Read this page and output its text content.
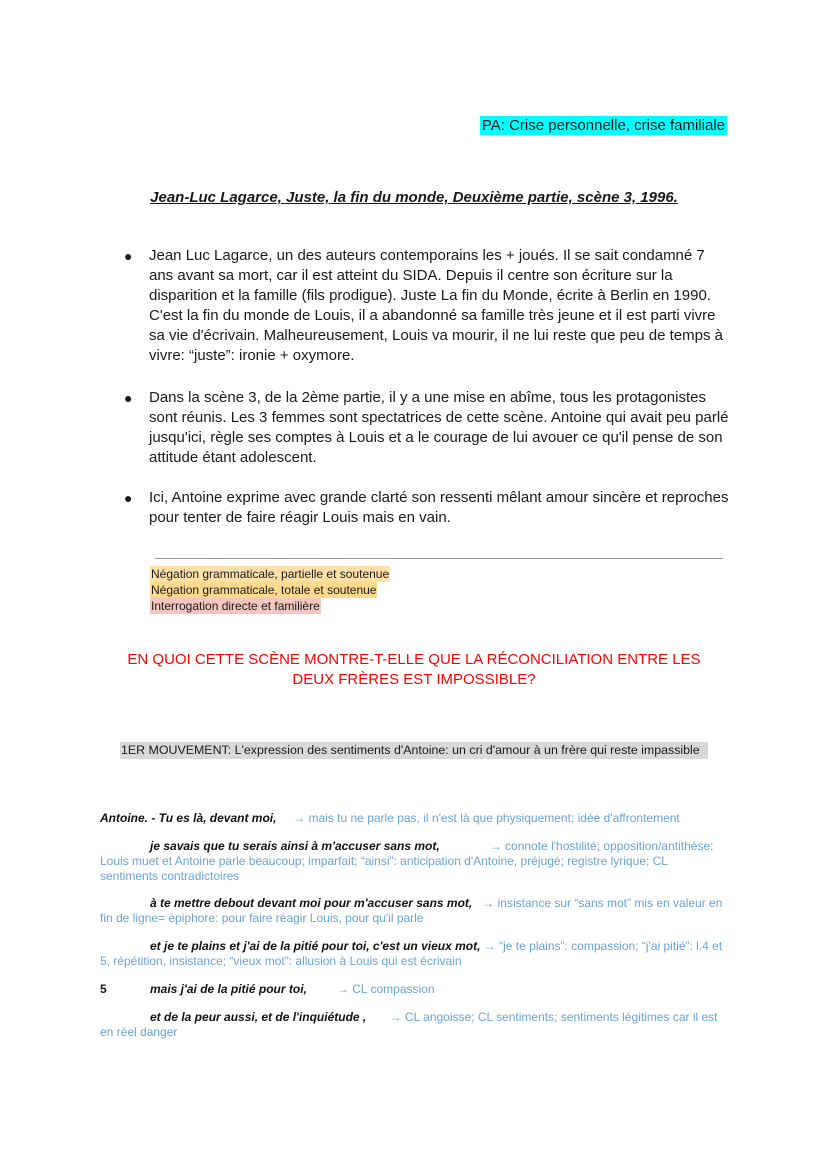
PA: Crise personnelle, crise familiale
Jean-Luc Lagarce, Juste, la fin du monde, Deuxième partie, scène 3, 1996.
● Jean Luc Lagarce, un des auteurs contemporains les + joués. Il se sait condamné 7 ans avant sa mort, car il est atteint du SIDA. Depuis il centre son écriture sur la disparition et la famille (fils prodigue). Juste La fin du Monde, écrite à Berlin en 1990. C'est la fin du monde de Louis, il a abandonné sa famille très jeune et il est parti vivre sa vie d'écrivain. Malheureusement, Louis va mourir, il ne lui reste que peu de temps à vivre: “juste”: ironie + oxymore.
● Dans la scène 3, de la 2ème partie, il y a une mise en abîme, tous les protagonistes sont réunis. Les 3 femmes sont spectatrices de cette scène. Antoine qui avait peu parlé jusqu'ici, règle ses comptes à Louis et a le courage de lui avouer ce qu'il pense de son attitude étant adolescent.
● Ici, Antoine exprime avec grande clarté son ressenti mêlant amour sincère et reproches pour tenter de faire réagir Louis mais en vain.
Négation grammaticale, partielle et soutenue
Négation grammaticale, totale et soutenue
Interrogation directe et familière
EN QUOI CETTE SCÈNE MONTRE-T-ELLE QUE LA RÉCONCILIATION ENTRE LES DEUX FRÈRES EST IMPOSSIBLE?
1ER MOUVEMENT: L'expression des sentiments d'Antoine: un cri d'amour à un frère qui reste impassible
Antoine. - Tu es là, devant moi, → mais tu ne parle pas, il n'est là que physiquement; idée d'affrontement
je savais que tu serais ainsi à m'accuser sans mot,	→ connote l'hostilité; opposition/antithèse: Louis muet et Antoine parle beaucoup; imparfait; “ainsi”: anticipation d'Antoine, préjugé; registre lyrique; CL sentiments contradictoires
à te mettre debout devant moi pour m'accuser sans mot, → insistance sur “sans mot” mis en valeur en fin de ligne= épiphore: pour faire réagir Louis, pour qu'il parle
et je te plains et j'ai de la pitié pour toi, c'est un vieux mot, → “je te plains”: compassion; “j'ai pitié”: l.4 et 5, répétition, insistance; “vieux mot”: allusion à Louis qui est écrivain
5	mais j'ai de la pitié pour toi,	→ CL compassion
et de la peur aussi, et de l'inquiétude , → CL angoisse; CL sentiments; sentiments légitimes car il est en réel danger
